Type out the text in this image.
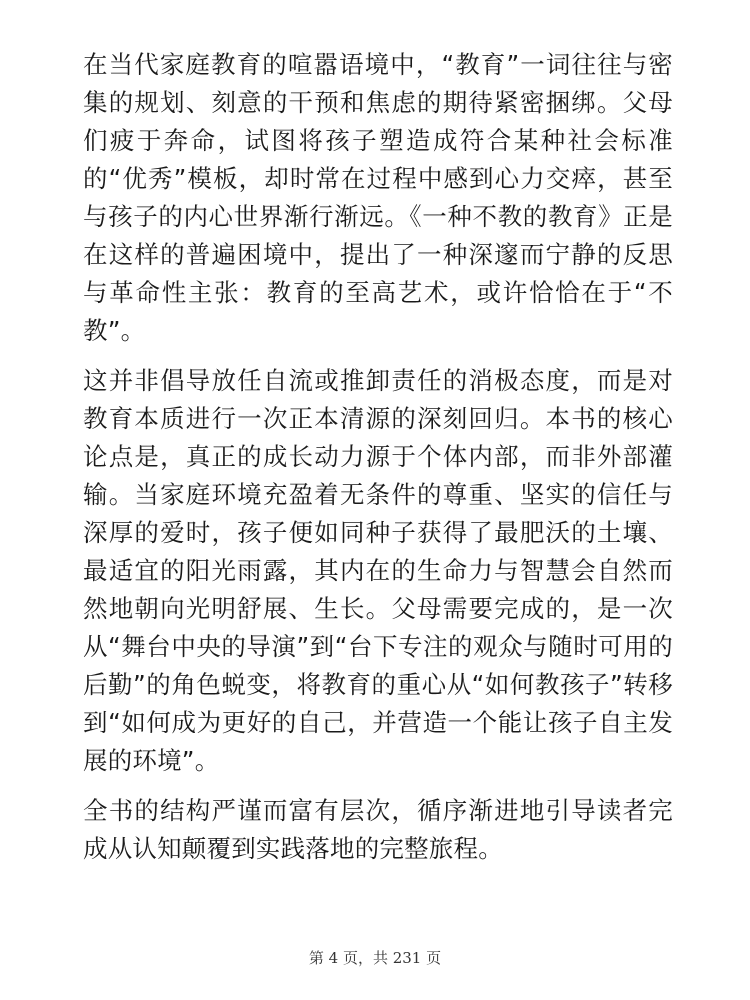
在当代家庭教育的喧嚣语境中，“教育”一词往往与密集的规划、刻意的干预和焦虑的期待紧密捆绑。父母们疲于奔命，试图将孩子塑造成符合某种社会标准的“优秀”模板，却时常在过程中感到心力交瘁，甚至与孩子的内心世界渐行渐远。《一种不教的教育》正是在这样的普遍困境中，提出了一种深邃而宁静的反思与革命性主张：教育的至高艺术，或许恰恰在于“不教”。

这并非倡导放任自流或推卸责任的消极态度，而是对教育本质进行一次正本清源的深刻回归。本书的核心论点是，真正的成长动力源于个体内部，而非外部灌输。当家庭环境充盈着无条件的尊重、坚实的信任与深厚的爱时，孩子便如同种子获得了最肥沃的土壤、最适宜的阳光雨露，其内在的生命力与智慧会自然而然地朝向光明舒展、生长。父母需要完成的，是一次从“舞台中央的导演”到“台下专注的观众与随时可用的后勤”的角色蜕变，将教育的重心从“如何教孩子”转移到“如何成为更好的自己，并营造一个能让孩子自主发展的环境”。

全书的结构严谨而富有层次，循序渐进地引导读者完成从认知颠覆到实践落地的完整旅程。

第 4 页，共 231 页
